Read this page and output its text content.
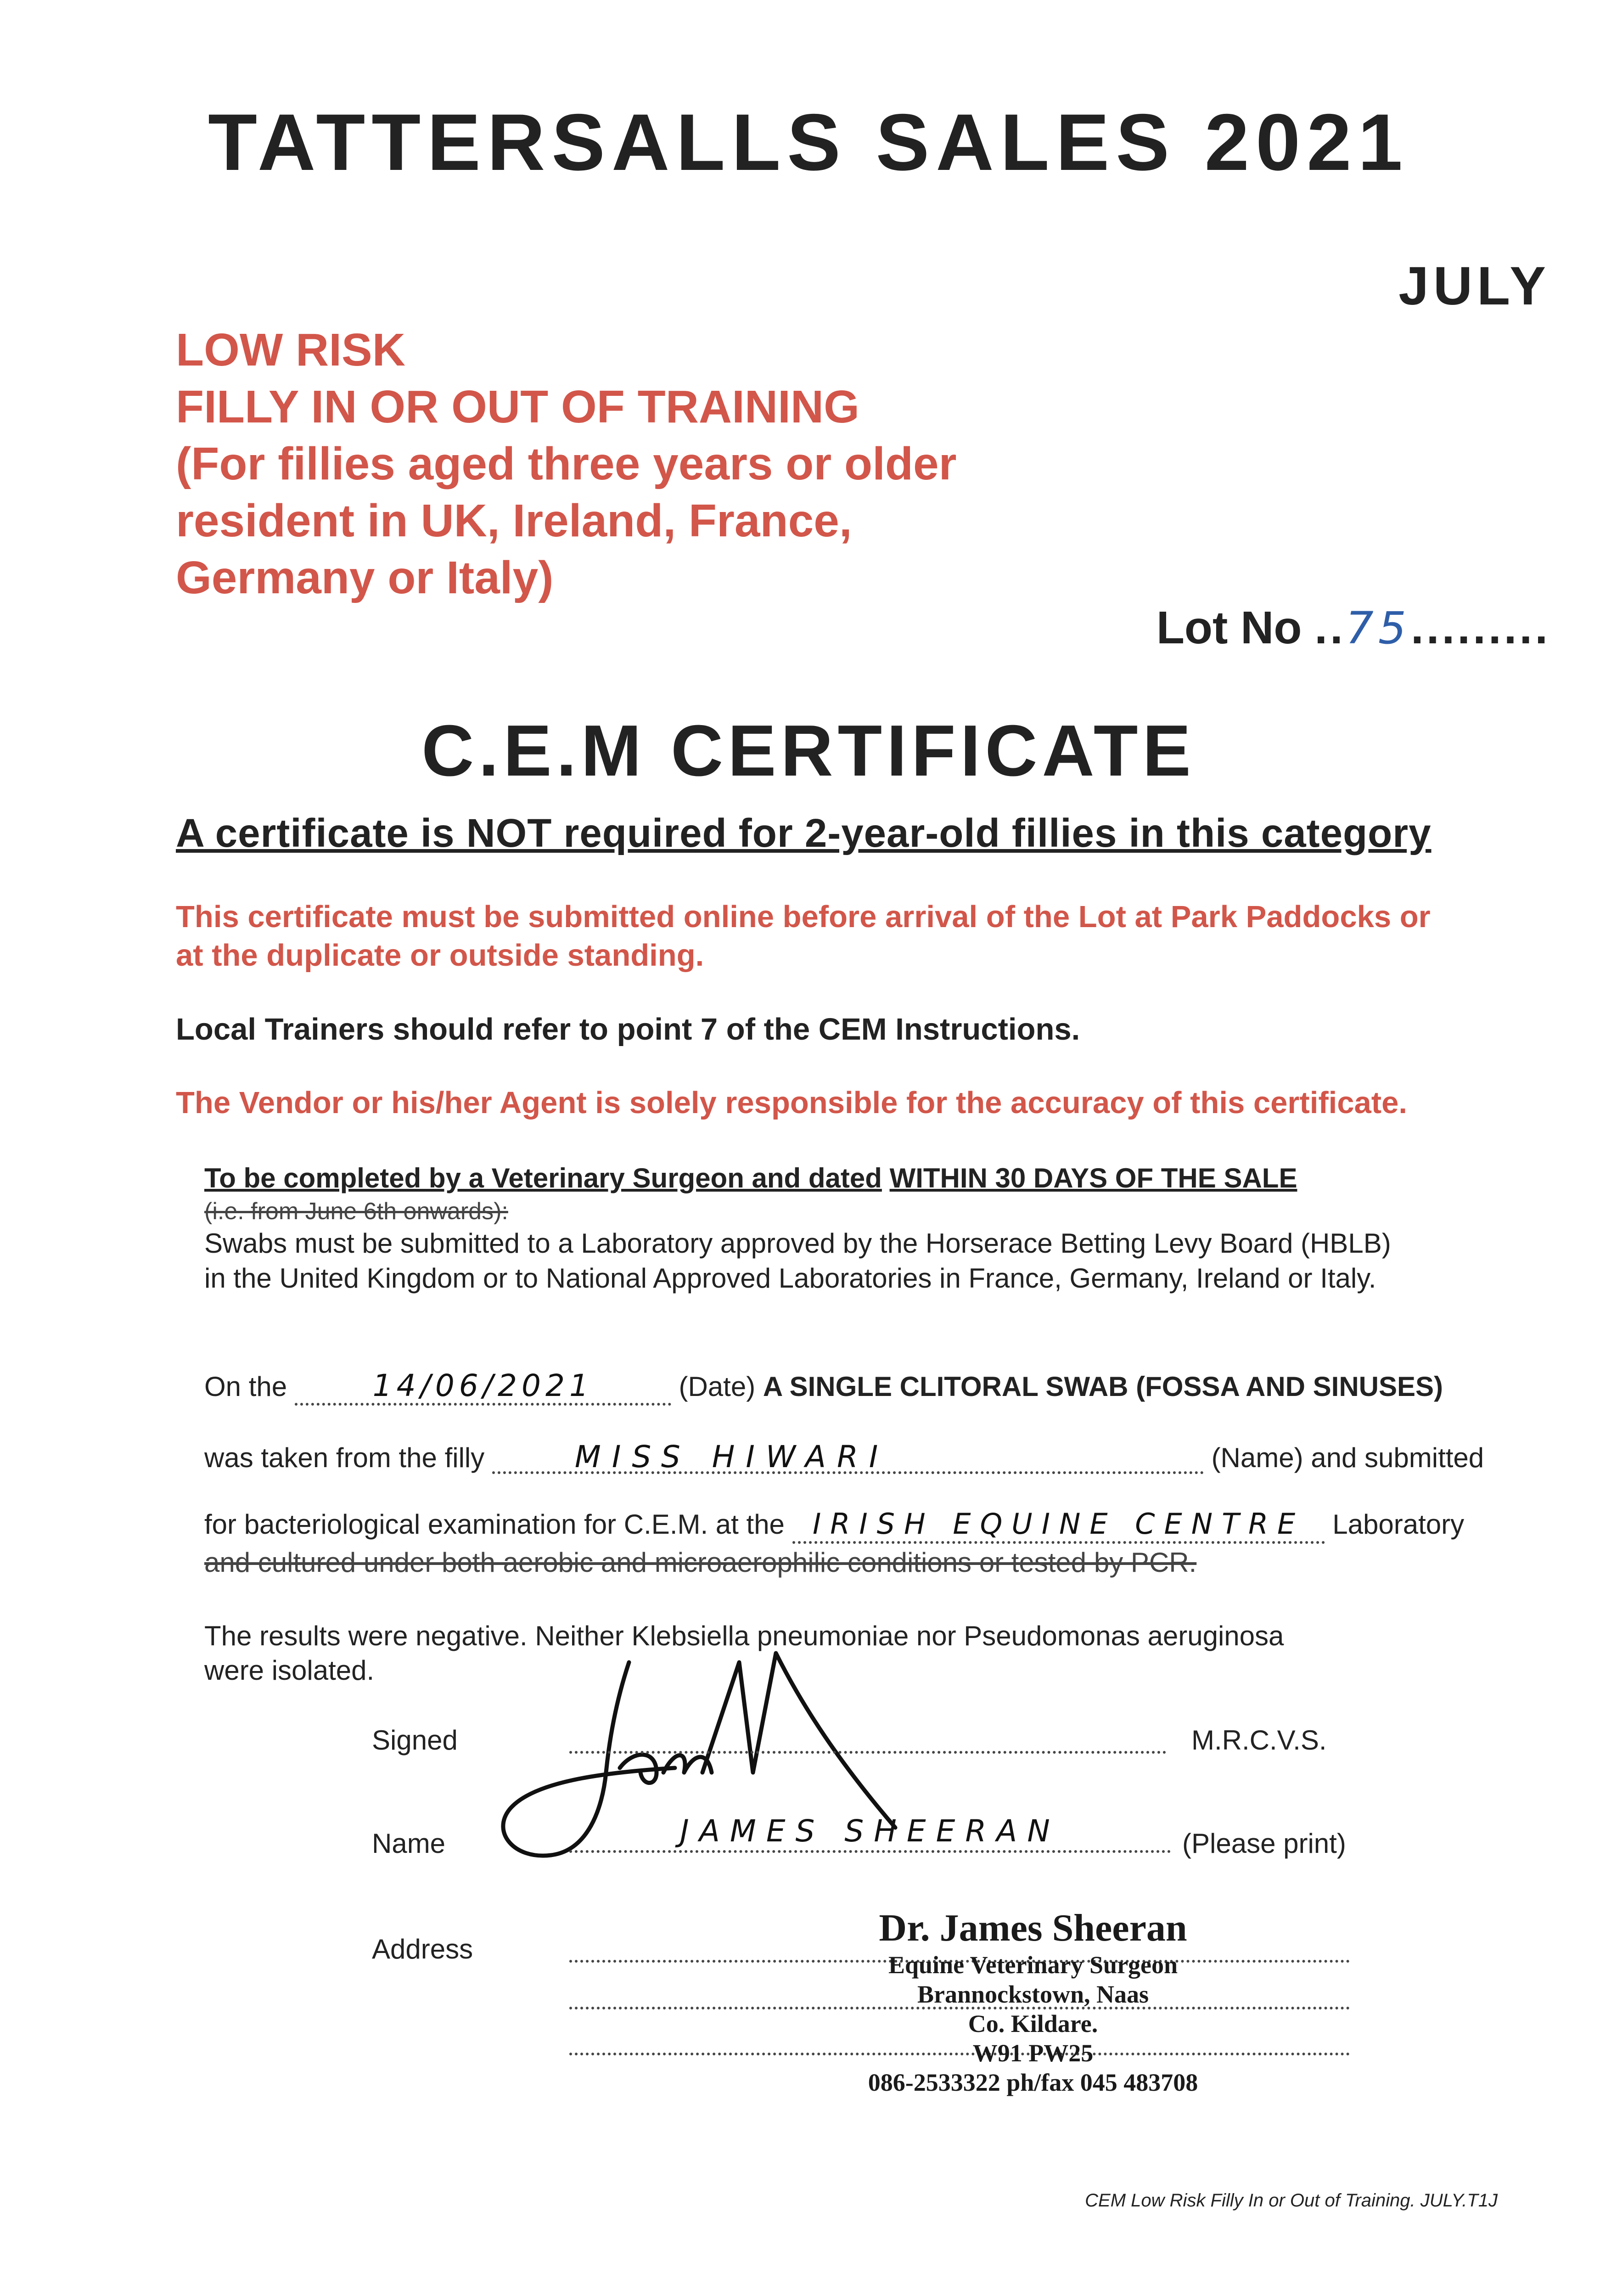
TATTERSALLS SALES 2021
JULY
LOW RISK
FILLY IN OR OUT OF TRAINING
(For fillies aged three years or older
resident in UK, Ireland, France,
Germany or Italy)
Lot No ..75.........
C.E.M CERTIFICATE
A certificate is NOT required for 2-year-old fillies in this category
This certificate must be submitted online before arrival of the Lot at Park Paddocks or
at the duplicate or outside standing.
Local Trainers should refer to point 7 of the CEM Instructions.
The Vendor or his/her Agent is solely responsible for the accuracy of this certificate.
To be completed by a Veterinary Surgeon and dated WITHIN 30 DAYS OF THE SALE
(i.e. from June 6th onwards):
Swabs must be submitted to a Laboratory approved by the Horserace Betting Levy Board (HBLB)
in the United Kingdom or to National Approved Laboratories in France, Germany, Ireland or Italy.
On the	14/06/2021	(Date) A SINGLE CLITORAL SWAB (FOSSA AND SINUSES)
was taken from the filly	MISS HIWARI	(Name) and submitted
for bacteriological examination for C.E.M. at the IRISH EQUINE CENTRE Laboratory
and cultured under both aerobic and microaerophilic conditions or tested by PCR.
The results were negative. Neither Klebsiella pneumoniae nor Pseudomonas aeruginosa
were isolated.
Signed	M.R.C.V.S.
Name	JAMES SHEERAN	(Please print)
Address	Dr. James Sheeran
Equine Veterinary Surgeon
Brannockstown, Naas
Co. Kildare.
W91 PW25
086-2533322 ph/fax 045 483708
CEM Low Risk Filly In or Out of Training. JULY.T1J
